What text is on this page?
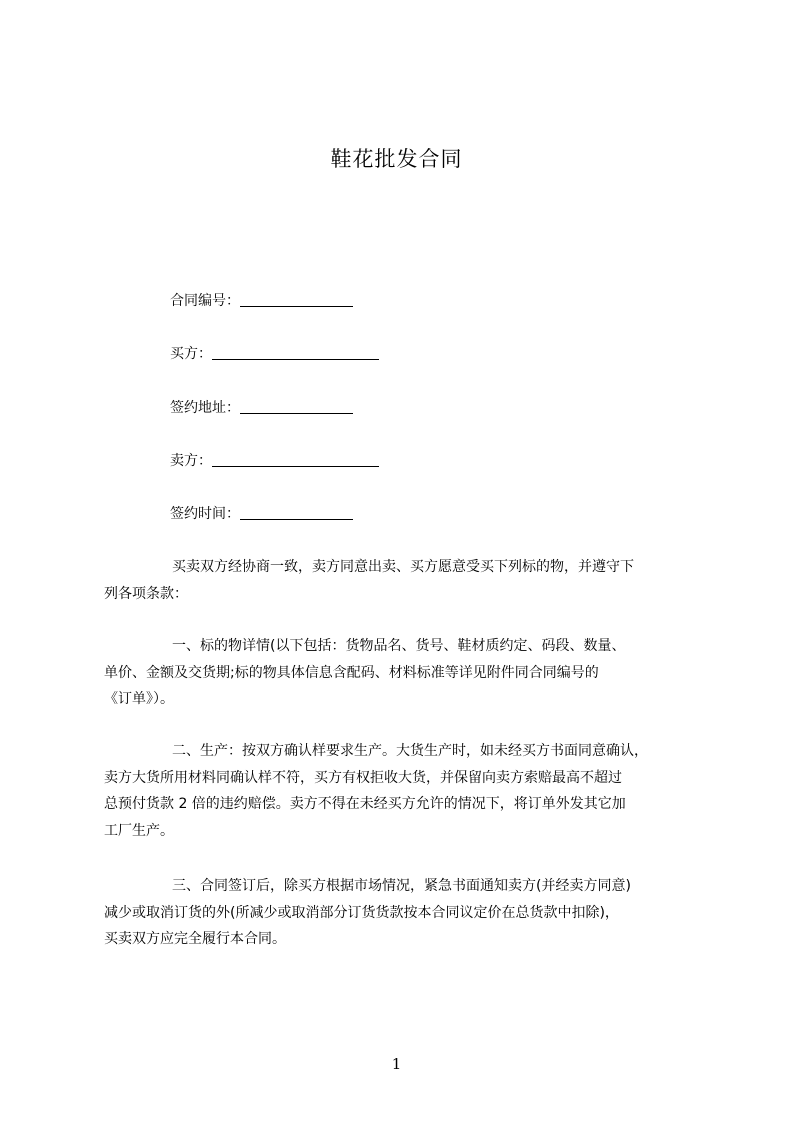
鞋花批发合同
合同编号：
买方：
签约地址：
卖方：
签约时间：

买卖双方经协商一致，卖方同意出卖、买方愿意受买下列标的物，并遵守下
列各项条款：

一、标的物详情(以下包括：货物品名、货号、鞋材质约定、码段、数量、
单价、金额及交货期;标的物具体信息含配码、材料标准等详见附件同合同编号的
《订单》）。

二、生产：按双方确认样要求生产。大货生产时，如未经买方书面同意确认，
卖方大货所用材料同确认样不符，买方有权拒收大货，并保留向卖方索赔最高不超过
总预付货款 2 倍的违约赔偿。卖方不得在未经买方允许的情况下，将订单外发其它加
工厂生产。

三、合同签订后，除买方根据市场情况，紧急书面通知卖方(并经卖方同意)
减少或取消订货的外(所减少或取消部分订货货款按本合同议定价在总货款中扣除)，
买卖双方应完全履行本合同。

1
